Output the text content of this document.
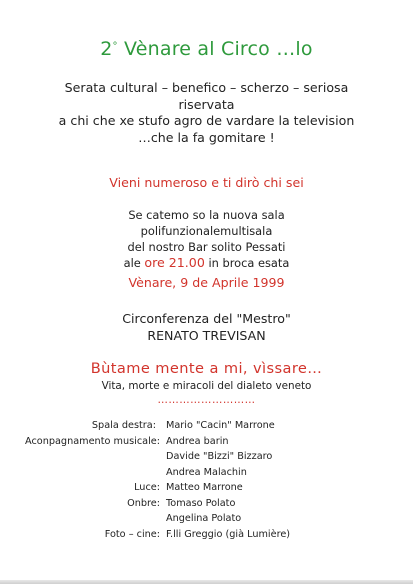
2° Vènare al Circo …lo
Serata cultural – benefico – scherzo – seriosa
riservata
a chi che xe stufo agro de vardare la television
…che la fa gomitare !
Vieni numeroso e ti dirò chi sei
Se catemo so la nuova sala
polifunzionalemultisala
del nostro Bar solito Pessati
ale ore 21.00 in broca esata
Vènare, 9 de Aprile 1999
Circonferenza del "Mestro"
RENATO TREVISAN
Bùtame mente a mi, vìssare…
Vita, morte e miracoli del dialeto veneto
………………………
Spala destra:	Mario "Cacin" Marrone
Aconpagnamento musicale: Andrea barin
Davide "Bizzi" Bizzaro
Andrea Malachin
Luce: Matteo Marrone
Onbre: Tomaso Polato
Angelina Polato
Foto – cine: F.lli Greggio (già Lumière)
